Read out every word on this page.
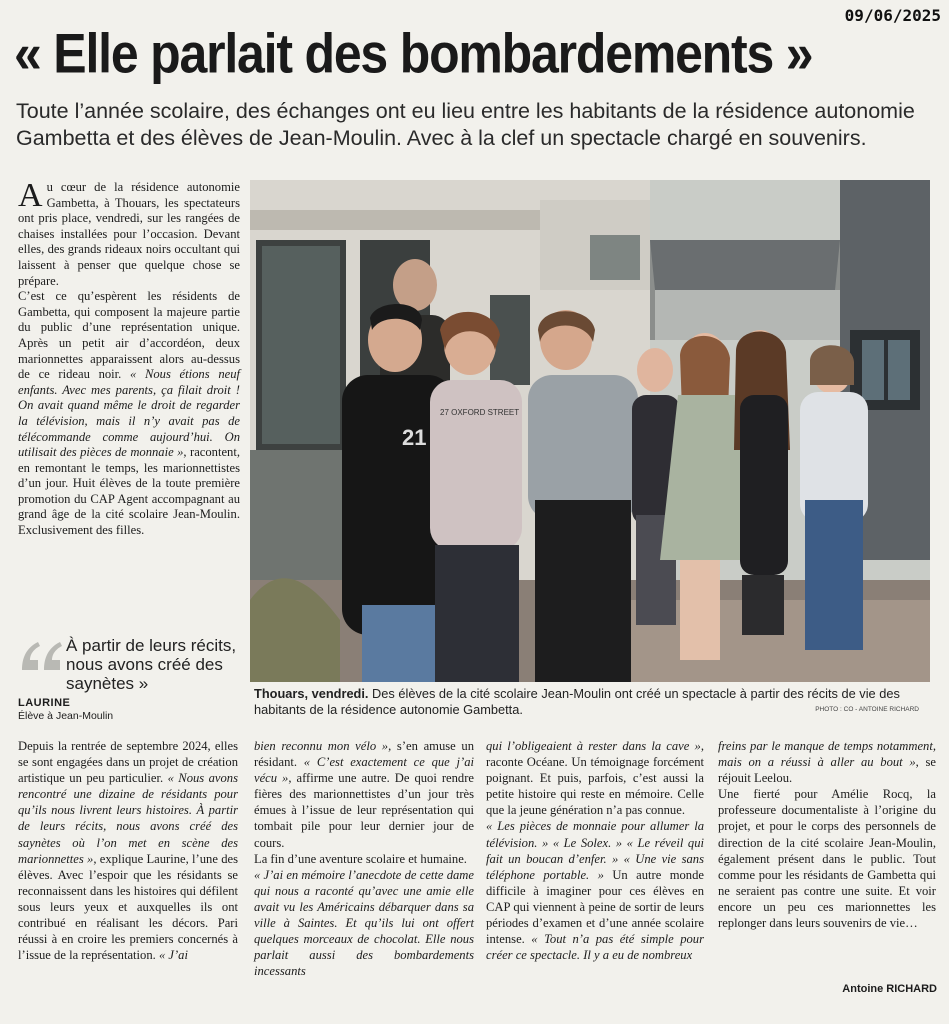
09/06/2025
« Elle parlait des bombardements »
Toute l’année scolaire, des échanges ont eu lieu entre les habitants de la résidence autonomie Gambetta et des élèves de Jean-Moulin. Avec à la clef un spectacle chargé en souvenirs.

Au cœur de la résidence autonomie Gambetta, à Thouars, les spectateurs ont pris place, vendredi, sur les rangées de chaises installées pour l’occasion. Devant elles, des grands rideaux noirs occultant qui laissent à penser que quelque chose se prépare.

C’est ce qu’espèrent les résidents de Gambetta, qui composent la majeure partie du public d’une représentation unique. Après un petit air d’accordéon, deux marionnettes apparaissent alors au-dessus de ce rideau noir. « Nous étions neuf enfants. Avec mes parents, ça filait droit ! On avait quand même le droit de regarder la télévision, mais il n’y avait pas de télécommande comme aujourd’hui. On utilisait des pièces de monnaie », racontent, en remontant le temps, les marionnettistes d’un jour. Huit élèves de la toute première promotion du CAP Agent accompagnant au grand âge de la cité scolaire Jean-Moulin. Exclusivement des filles.

21
27 OXFORD STREET
Thouars, vendredi. Des élèves de la cité scolaire Jean-Moulin ont créé un spectacle à partir des récits de vie des habitants de la résidence autonomie Gambetta.	PHOTO : CO - ANTOINE RICHARD
À partir de leurs récits, nous avons créé des saynètes »
LAURINE
Élève à Jean-Moulin

Depuis la rentrée de septembre 2024, elles se sont engagées dans un projet de création artistique un peu particulier. « Nous avons rencontré une dizaine de résidants pour qu’ils nous livrent leurs histoires. À partir de leurs récits, nous avons créé des saynètes où l’on met en scène des marionnettes », explique Laurine, l’une des élèves. Avec l’espoir que les résidants se reconnaissent dans les histoires qui défilent sous leurs yeux et auxquelles ils ont contribué en réalisant les décors. Pari réussi à en croire les premiers concernés à l’issue de la représentation. « J’ai

bien reconnu mon vélo », s’en amuse un résidant. « C’est exactement ce que j’ai vécu », affirme une autre. De quoi rendre fières des marionnettistes d’un jour très émues à l’issue de leur représentation qui tombait pile pour leur dernier jour de cours.

La fin d’une aventure scolaire et humaine.

« J’ai en mémoire l’anecdote de cette dame qui nous a raconté qu’avec une amie elle avait vu les Américains débarquer dans sa ville à Saintes. Et qu’ils lui ont offert quelques morceaux de chocolat. Elle nous parlait aussi des bombardements incessants

qui l’obligeaient à rester dans la cave », raconte Océane. Un témoignage forcément poignant. Et puis, parfois, c’est aussi la petite histoire qui reste en mémoire. Celle que la jeune génération n’a pas connue.

« Les pièces de monnaie pour allumer la télévision. » « Le Solex. » « Le réveil qui fait un boucan d’enfer. » « Une vie sans téléphone portable. » Un autre monde difficile à imaginer pour ces élèves en CAP qui viennent à peine de sortir de leurs périodes d’examen et d’une année scolaire intense. « Tout n’a pas été simple pour créer ce spectacle. Il y a eu de nombreux

freins par le manque de temps notamment, mais on a réussi à aller au bout », se réjouit Leelou.

Une fierté pour Amélie Rocq, la professeure documentaliste à l’origine du projet, et pour le corps des personnels de direction de la cité scolaire Jean-Moulin, également présent dans le public. Tout comme pour les résidants de Gambetta qui ne seraient pas contre une suite. Et voir encore un peu ces marionnettes les replonger dans leurs souvenirs de vie…

Antoine RICHARD
